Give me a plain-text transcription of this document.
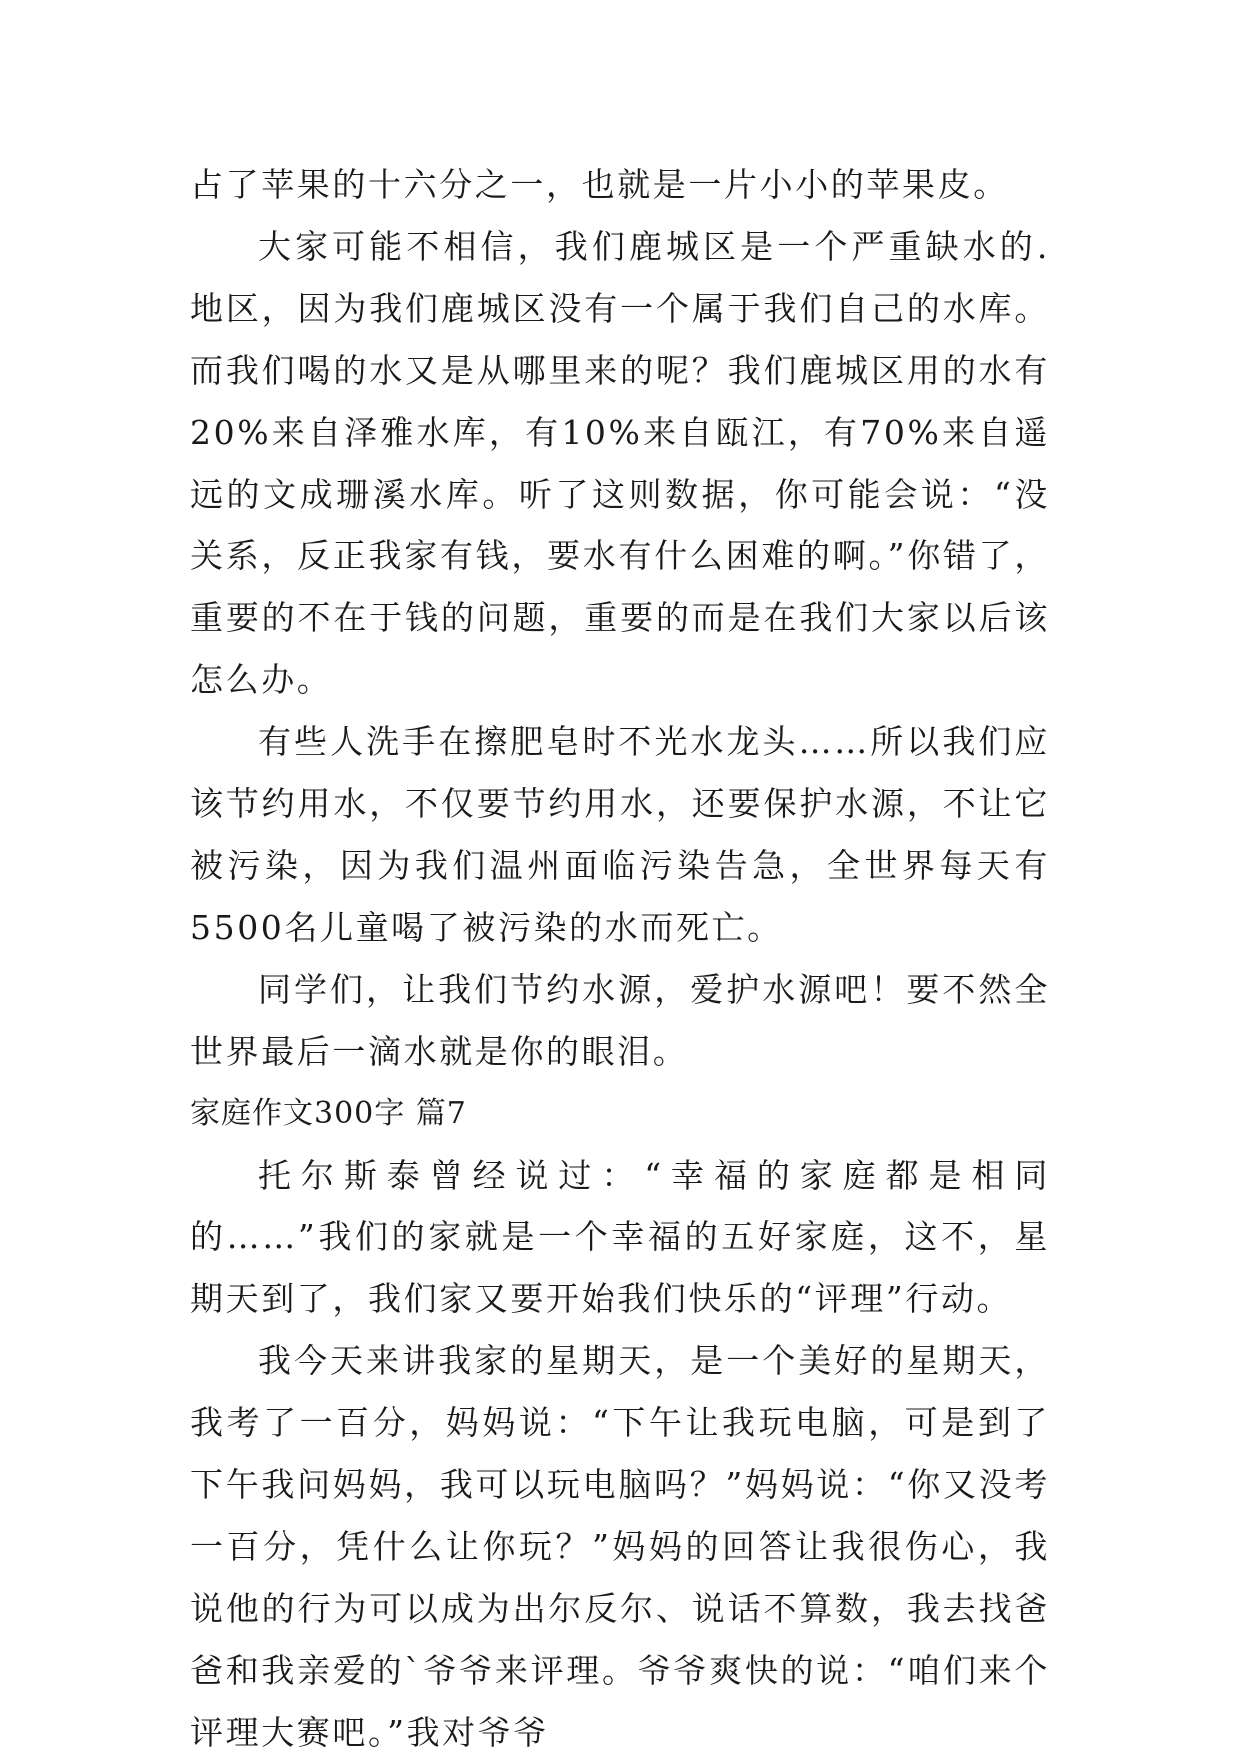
占了苹果的十六分之一，也就是一片小小的苹果皮。

大家可能不相信，我们鹿城区是一个严重缺水的.地区，因为我们鹿城区没有一个属于我们自己的水库。而我们喝的水又是从哪里来的呢？我们鹿城区用的水有20%来自泽雅水库，有10%来自瓯江，有70%来自遥远的文成珊溪水库。听了这则数据，你可能会说：“没关系，反正我家有钱，要水有什么困难的啊。”你错了，重要的不在于钱的问题，重要的而是在我们大家以后该怎么办。

有些人洗手在擦肥皂时不光水龙头……所以我们应该节约用水，不仅要节约用水，还要保护水源，不让它被污染，因为我们温州面临污染告急，全世界每天有5500名儿童喝了被污染的水而死亡。

同学们，让我们节约水源，爱护水源吧！要不然全世界最后一滴水就是你的眼泪。

家庭作文300字 篇7

托尔斯泰曾经说过：“幸福的家庭都是相同的……”我们的家就是一个幸福的五好家庭，这不，星期天到了，我们家又要开始我们快乐的“评理”行动。

我今天来讲我家的星期天，是一个美好的星期天，我考了一百分，妈妈说：“下午让我玩电脑，可是到了下午我问妈妈，我可以玩电脑吗？”妈妈说：“你又没考一百分，凭什么让你玩？”妈妈的回答让我很伤心，我说他的行为可以成为出尔反尔、说话不算数，我去找爸爸和我亲爱的`爷爷来评理。爷爷爽快的说：“咱们来个评理大赛吧。”我对爷爷
